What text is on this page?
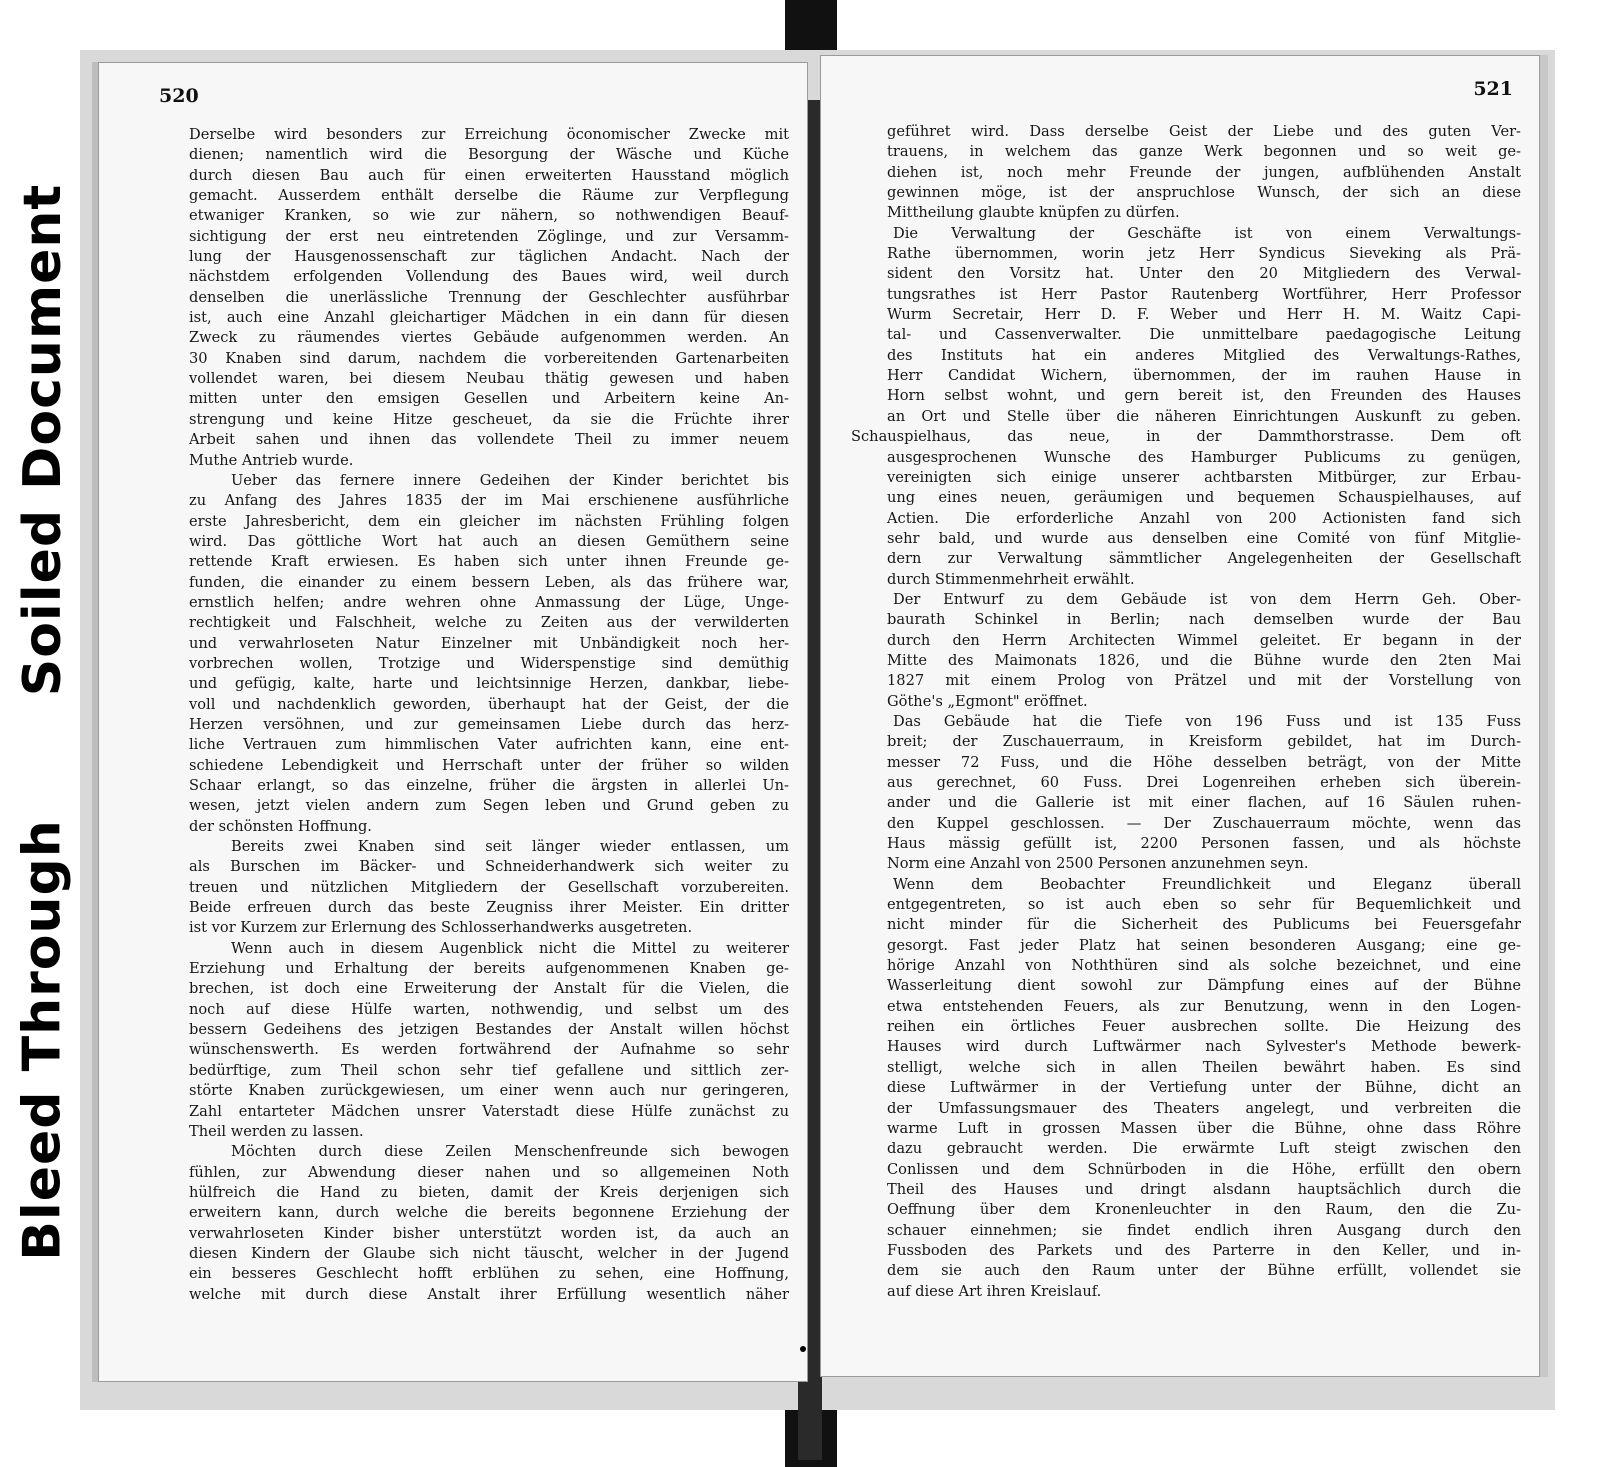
Soiled Document
Bleed Through
520
Derselbe wird besonders zur Erreichung öconomischer Zwecke mit
dienen; namentlich wird die Besorgung der Wäsche und Küche
durch diesen Bau auch für einen erweiterten Hausstand möglich
gemacht. Ausserdem enthält derselbe die Räume zur Verpflegung
etwaniger Kranken, so wie zur nähern, so nothwendigen Beauf-
sichtigung der erst neu eintretenden Zöglinge, und zur Versamm-
lung der Hausgenossenschaft zur täglichen Andacht. Nach der
nächstdem erfolgenden Vollendung des Baues wird, weil durch
denselben die unerlässliche Trennung der Geschlechter ausführbar
ist, auch eine Anzahl gleichartiger Mädchen in ein dann für diesen
Zweck zu räumendes viertes Gebäude aufgenommen werden. An
30 Knaben sind darum, nachdem die vorbereitenden Gartenarbeiten
vollendet waren, bei diesem Neubau thätig gewesen und haben
mitten unter den emsigen Gesellen und Arbeitern keine An-
strengung und keine Hitze gescheuet, da sie die Früchte ihrer
Arbeit sahen und ihnen das vollendete Theil zu immer neuem
Muthe Antrieb wurde.
Ueber das fernere innere Gedeihen der Kinder berichtet bis
zu Anfang des Jahres 1835 der im Mai erschienene ausführliche
erste Jahresbericht, dem ein gleicher im nächsten Frühling folgen
wird. Das göttliche Wort hat auch an diesen Gemüthern seine
rettende Kraft erwiesen. Es haben sich unter ihnen Freunde ge-
funden, die einander zu einem bessern Leben, als das frühere war,
ernstlich helfen; andre wehren ohne Anmassung der Lüge, Unge-
rechtigkeit und Falschheit, welche zu Zeiten aus der verwilderten
und verwahrloseten Natur Einzelner mit Unbändigkeit noch her-
vorbrechen wollen, Trotzige und Widerspenstige sind demüthig
und gefügig, kalte, harte und leichtsinnige Herzen, dankbar, liebe-
voll und nachdenklich geworden, überhaupt hat der Geist, der die
Herzen versöhnen, und zur gemeinsamen Liebe durch das herz-
liche Vertrauen zum himmlischen Vater aufrichten kann, eine ent-
schiedene Lebendigkeit und Herrschaft unter der früher so wilden
Schaar erlangt, so das einzelne, früher die ärgsten in allerlei Un-
wesen, jetzt vielen andern zum Segen leben und Grund geben zu
der schönsten Hoffnung.
Bereits zwei Knaben sind seit länger wieder entlassen, um
als Burschen im Bäcker- und Schneiderhandwerk sich weiter zu
treuen und nützlichen Mitgliedern der Gesellschaft vorzubereiten.
Beide erfreuen durch das beste Zeugniss ihrer Meister. Ein dritter
ist vor Kurzem zur Erlernung des Schlosserhandwerks ausgetreten.
Wenn auch in diesem Augenblick nicht die Mittel zu weiterer
Erziehung und Erhaltung der bereits aufgenommenen Knaben ge-
brechen, ist doch eine Erweiterung der Anstalt für die Vielen, die
noch auf diese Hülfe warten, nothwendig, und selbst um des
bessern Gedeihens des jetzigen Bestandes der Anstalt willen höchst
wünschenswerth. Es werden fortwährend der Aufnahme so sehr
bedürftige, zum Theil schon sehr tief gefallene und sittlich zer-
störte Knaben zurückgewiesen, um einer wenn auch nur geringeren,
Zahl entarteter Mädchen unsrer Vaterstadt diese Hülfe zunächst zu
Theil werden zu lassen.
Möchten durch diese Zeilen Menschenfreunde sich bewogen
fühlen, zur Abwendung dieser nahen und so allgemeinen Noth
hülfreich die Hand zu bieten, damit der Kreis derjenigen sich
erweitern kann, durch welche die bereits begonnene Erziehung der
verwahrloseten Kinder bisher unterstützt worden ist, da auch an
diesen Kindern der Glaube sich nicht täuscht, welcher in der Jugend
ein besseres Geschlecht hofft erblühen zu sehen, eine Hoffnung,
welche mit durch diese Anstalt ihrer Erfüllung wesentlich näher
521
geführet wird. Dass derselbe Geist der Liebe und des guten Ver-
trauens, in welchem das ganze Werk begonnen und so weit ge-
diehen ist, noch mehr Freunde der jungen, aufblühenden Anstalt
gewinnen möge, ist der anspruchlose Wunsch, der sich an diese
Mittheilung glaubte knüpfen zu dürfen.
Die Verwaltung der Geschäfte ist von einem Verwaltungs-
Rathe übernommen, worin jetz Herr Syndicus Sieveking als Prä-
sident den Vorsitz hat. Unter den 20 Mitgliedern des Verwal-
tungsrathes ist Herr Pastor Rautenberg Wortführer, Herr Professor
Wurm Secretair, Herr D. F. Weber und Herr H. M. Waitz Capi-
tal- und Cassenverwalter. Die unmittelbare paedagogische Leitung
des Instituts hat ein anderes Mitglied des Verwaltungs-Rathes,
Herr Candidat Wichern, übernommen, der im rauhen Hause in
Horn selbst wohnt, und gern bereit ist, den Freunden des Hauses
an Ort und Stelle über die näheren Einrichtungen Auskunft zu geben.
Schauspielhaus, das neue, in der Dammthorstrasse. Dem oft
ausgesprochenen Wunsche des Hamburger Publicums zu genügen,
vereinigten sich einige unserer achtbarsten Mitbürger, zur Erbau-
ung eines neuen, geräumigen und bequemen Schauspielhauses, auf
Actien. Die erforderliche Anzahl von 200 Actionisten fand sich
sehr bald, und wurde aus denselben eine Comité von fünf Mitglie-
dern zur Verwaltung sämmtlicher Angelegenheiten der Gesellschaft
durch Stimmenmehrheit erwählt.
Der Entwurf zu dem Gebäude ist von dem Herrn Geh. Ober-
baurath Schinkel in Berlin; nach demselben wurde der Bau
durch den Herrn Architecten Wimmel geleitet. Er begann in der
Mitte des Maimonats 1826, und die Bühne wurde den 2ten Mai
1827 mit einem Prolog von Prätzel und mit der Vorstellung von
Göthe's „Egmont" eröffnet.
Das Gebäude hat die Tiefe von 196 Fuss und ist 135 Fuss
breit; der Zuschauerraum, in Kreisform gebildet, hat im Durch-
messer 72 Fuss, und die Höhe desselben beträgt, von der Mitte
aus gerechnet, 60 Fuss. Drei Logenreihen erheben sich überein-
ander und die Gallerie ist mit einer flachen, auf 16 Säulen ruhen-
den Kuppel geschlossen. — Der Zuschauerraum möchte, wenn das
Haus mässig gefüllt ist, 2200 Personen fassen, und als höchste
Norm eine Anzahl von 2500 Personen anzunehmen seyn.
Wenn dem Beobachter Freundlichkeit und Eleganz überall
entgegentreten, so ist auch eben so sehr für Bequemlichkeit und
nicht minder für die Sicherheit des Publicums bei Feuersgefahr
gesorgt. Fast jeder Platz hat seinen besonderen Ausgang; eine ge-
hörige Anzahl von Noththüren sind als solche bezeichnet, und eine
Wasserleitung dient sowohl zur Dämpfung eines auf der Bühne
etwa entstehenden Feuers, als zur Benutzung, wenn in den Logen-
reihen ein örtliches Feuer ausbrechen sollte. Die Heizung des
Hauses wird durch Luftwärmer nach Sylvester's Methode bewerk-
stelligt, welche sich in allen Theilen bewährt haben. Es sind
diese Luftwärmer in der Vertiefung unter der Bühne, dicht an
der Umfassungsmauer des Theaters angelegt, und verbreiten die
warme Luft in grossen Massen über die Bühne, ohne dass Röhre
dazu gebraucht werden. Die erwärmte Luft steigt zwischen den
Conlissen und dem Schnürboden in die Höhe, erfüllt den obern
Theil des Hauses und dringt alsdann hauptsächlich durch die
Oeffnung über dem Kronenleuchter in den Raum, den die Zu-
schauer einnehmen; sie findet endlich ihren Ausgang durch den
Fussboden des Parkets und des Parterre in den Keller, und in-
dem sie auch den Raum unter der Bühne erfüllt, vollendet sie
auf diese Art ihren Kreislauf.
